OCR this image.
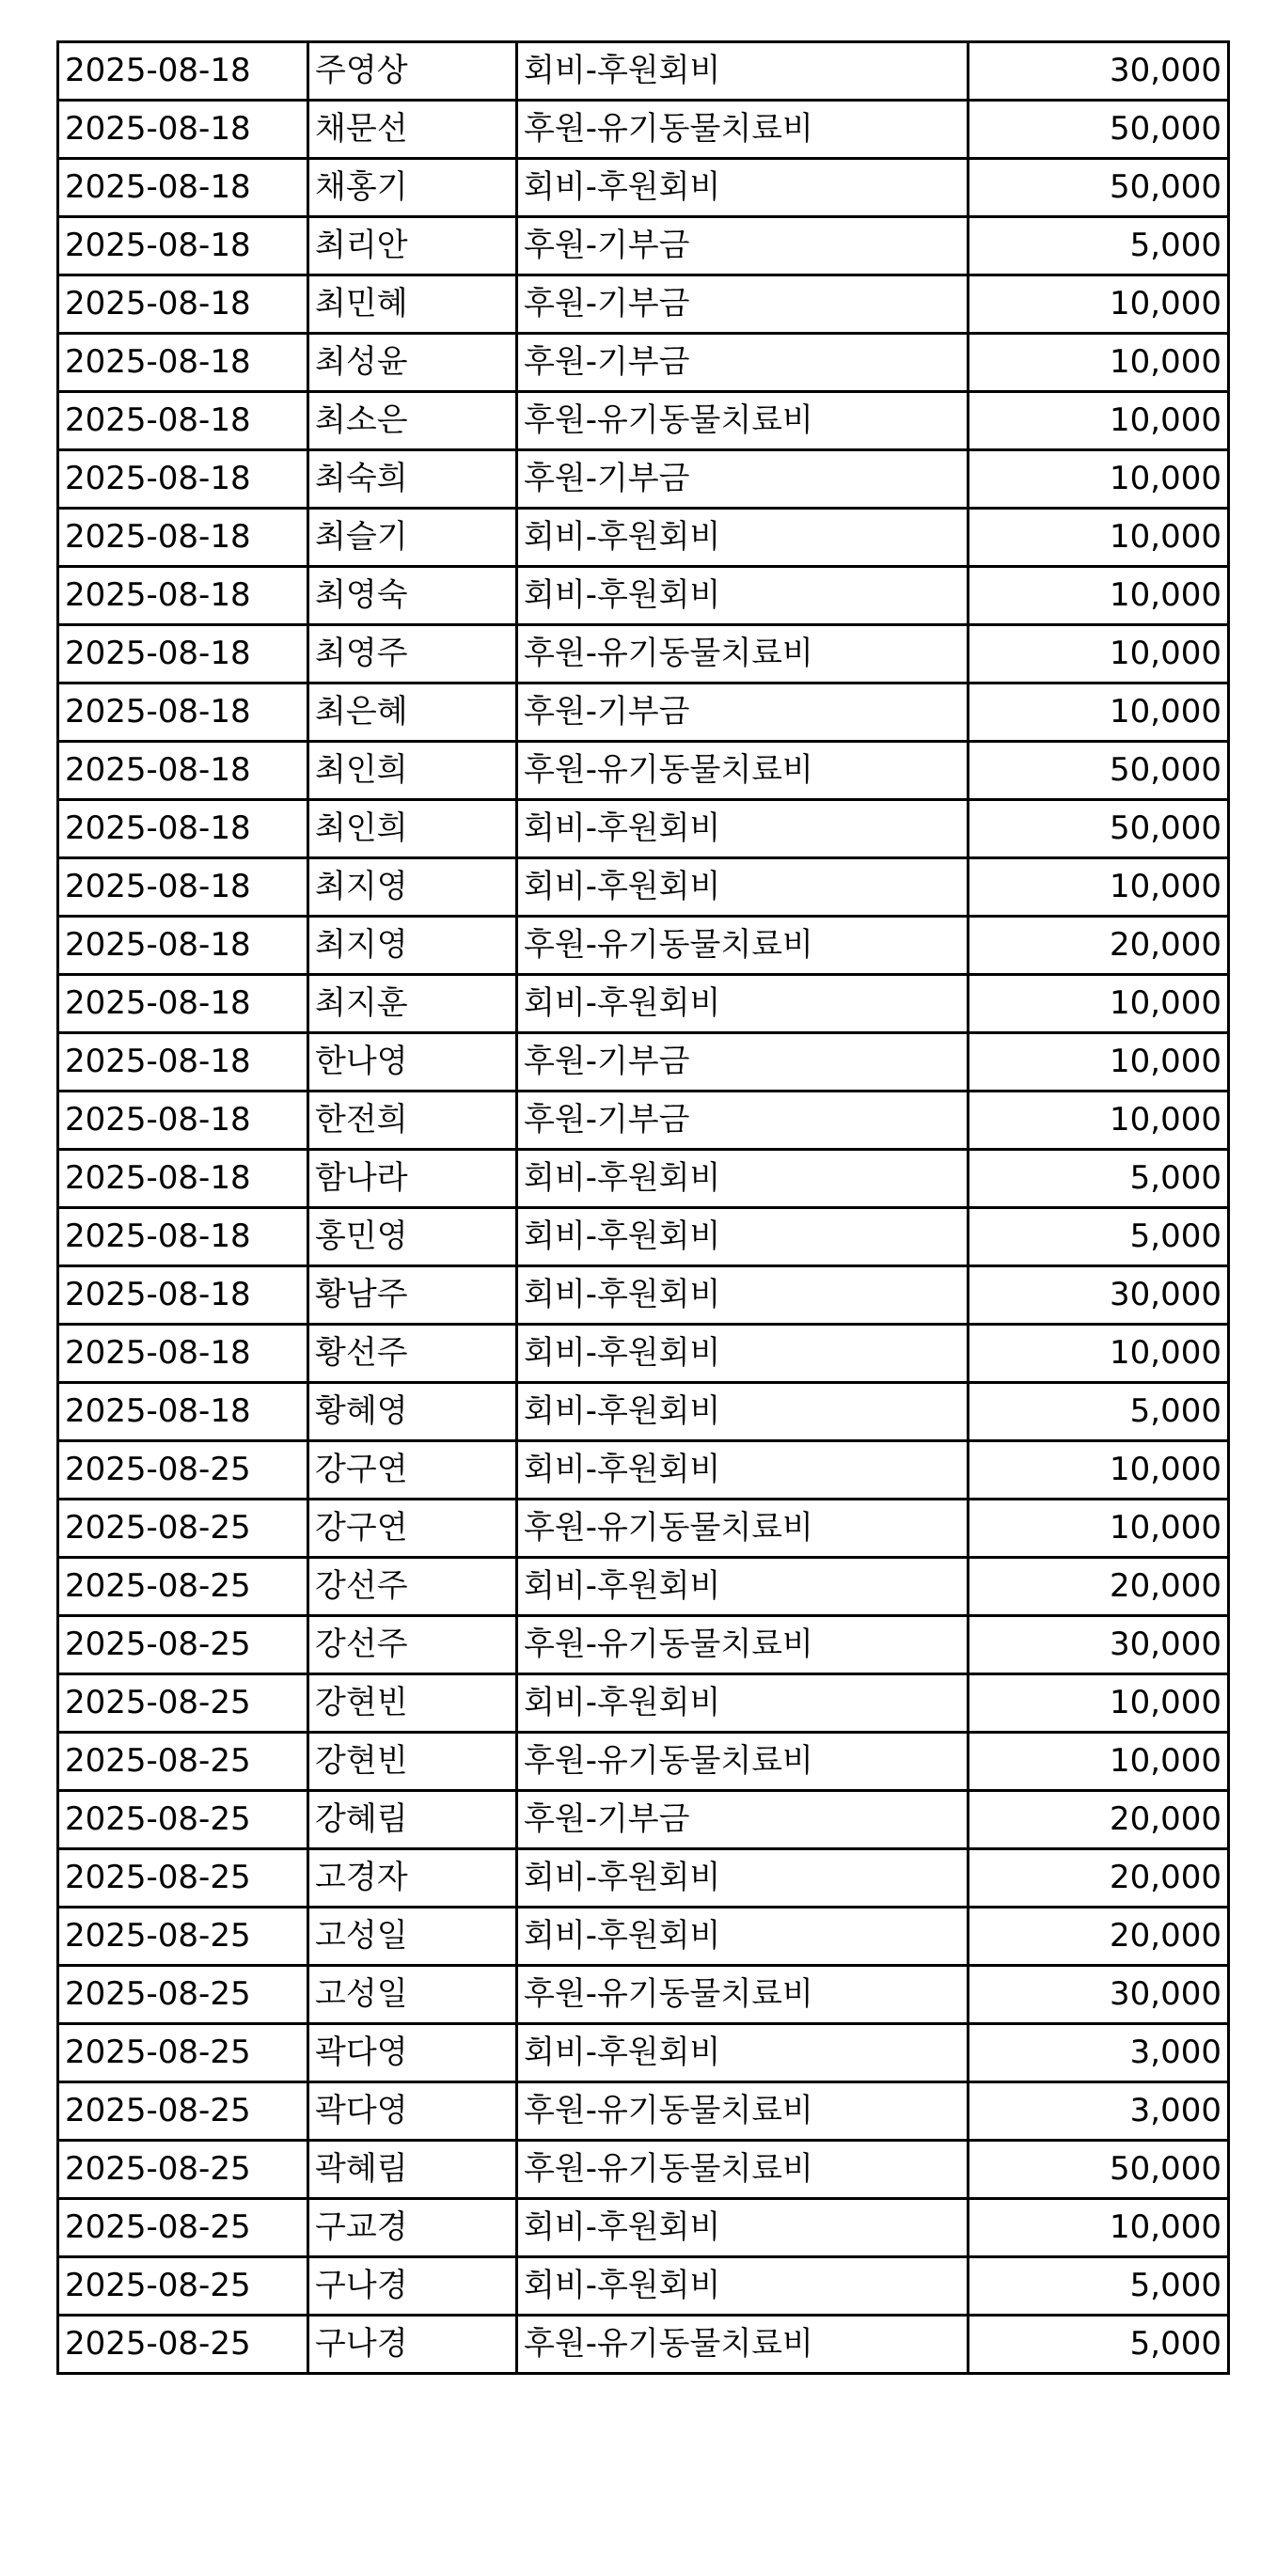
2025-08-18	주영상	회비-후원회비	30,000
2025-08-18	채문선	후원-유기동물치료비	50,000
2025-08-18	채홍기	회비-후원회비	50,000
2025-08-18	최리안	후원-기부금	5,000
2025-08-18	최민혜	후원-기부금	10,000
2025-08-18	최성윤	후원-기부금	10,000
2025-08-18	최소은	후원-유기동물치료비	10,000
2025-08-18	최숙희	후원-기부금	10,000
2025-08-18	최슬기	회비-후원회비	10,000
2025-08-18	최영숙	회비-후원회비	10,000
2025-08-18	최영주	후원-유기동물치료비	10,000
2025-08-18	최은혜	후원-기부금	10,000
2025-08-18	최인희	후원-유기동물치료비	50,000
2025-08-18	최인희	회비-후원회비	50,000
2025-08-18	최지영	회비-후원회비	10,000
2025-08-18	최지영	후원-유기동물치료비	20,000
2025-08-18	최지훈	회비-후원회비	10,000
2025-08-18	한나영	후원-기부금	10,000
2025-08-18	한전희	후원-기부금	10,000
2025-08-18	함나라	회비-후원회비	5,000
2025-08-18	홍민영	회비-후원회비	5,000
2025-08-18	황남주	회비-후원회비	30,000
2025-08-18	황선주	회비-후원회비	10,000
2025-08-18	황혜영	회비-후원회비	5,000
2025-08-25	강구연	회비-후원회비	10,000
2025-08-25	강구연	후원-유기동물치료비	10,000
2025-08-25	강선주	회비-후원회비	20,000
2025-08-25	강선주	후원-유기동물치료비	30,000
2025-08-25	강현빈	회비-후원회비	10,000
2025-08-25	강현빈	후원-유기동물치료비	10,000
2025-08-25	강혜림	후원-기부금	20,000
2025-08-25	고경자	회비-후원회비	20,000
2025-08-25	고성일	회비-후원회비	20,000
2025-08-25	고성일	후원-유기동물치료비	30,000
2025-08-25	곽다영	회비-후원회비	3,000
2025-08-25	곽다영	후원-유기동물치료비	3,000
2025-08-25	곽혜림	후원-유기동물치료비	50,000
2025-08-25	구교경	회비-후원회비	10,000
2025-08-25	구나경	회비-후원회비	5,000
2025-08-25	구나경	후원-유기동물치료비	5,000
